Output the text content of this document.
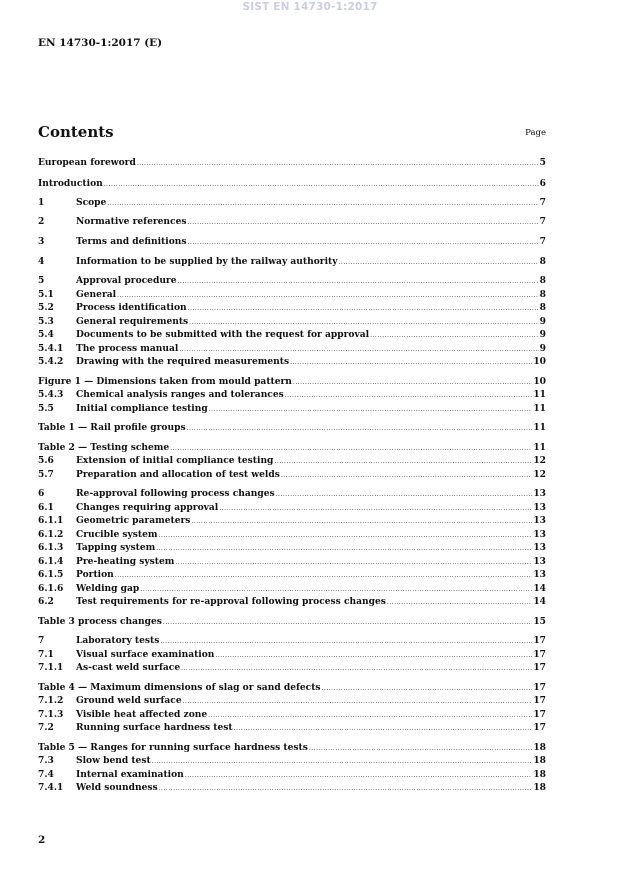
SIST EN 14730-1:2017
EN 14730-1:2017 (E)
Contents	Page
European foreword .....	5
Introduction .....	6
1	Scope .....	7
2	Normative references .....	7
3	Terms and definitions .....	7
4	Information to be supplied by the railway authority .....	8
5	Approval procedure .....	8
5.1	General .....	8
5.2	Process identification .....	8
5.3	General requirements .....	9
5.4	Documents to be submitted with the request for approval .....	9
5.4.1	The process manual .....	9
5.4.2	Drawing with the required measurements .....	10
Figure 1 — Dimensions taken from mould pattern .....	10
5.4.3	Chemical analysis ranges and tolerances .....	11
5.5	Initial compliance testing .....	11
Table 1 — Rail profile groups .....	11
Table 2 — Testing scheme .....	11
5.6	Extension of initial compliance testing .....	12
5.7	Preparation and allocation of test welds .....	12
6	Re-approval following process changes .....	13
6.1	Changes requiring approval .....	13
6.1.1	Geometric parameters .....	13
6.1.2	Crucible system .....	13
6.1.3	Tapping system .....	13
6.1.4	Pre-heating system .....	13
6.1.5	Portion .....	13
6.1.6	Welding gap .....	14
6.2	Test requirements for re-approval following process changes .....	14
Table 3 process changes .....	15
7	Laboratory tests .....	17
7.1	Visual surface examination .....	17
7.1.1	As-cast weld surface .....	17
Table 4 — Maximum dimensions of slag or sand defects .....	17
7.1.2	Ground weld surface .....	17
7.1.3	Visible heat affected zone .....	17
7.2	Running surface hardness test .....	17
Table 5 — Ranges for running surface hardness tests .....	18
7.3	Slow bend test .....	18
7.4	Internal examination .....	18
7.4.1	Weld soundness .....	18
2
